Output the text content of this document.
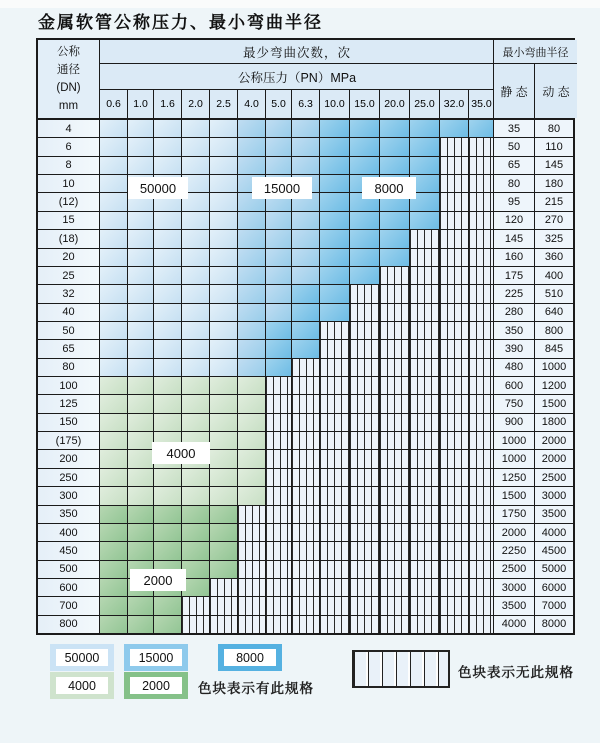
金属软管公称压力、最小弯曲半径
公称
通径
(DN)
mm
最少弯曲次数，次
公称压力（PN）MPa
0.6	1.0	1.6	2.0	2.5	4.0	5.0	6.3	10.0 15.0 20.0 25.0 32.0 35.0
最小弯曲半径
静 态	动 态
4	35	80
6	50	110
8	65	145
10	80	180
(12)	95	215
15	120	270
(18)	145	325
20	160	360
25	175	400
32	225	510
40	280	640
50	350	800
65	390	845
80	480	1000
100	600	1200
125	750	1500
150	900	1800
(175)	1000	2000
200	1000	2000
250	1250	2500
300	1500	3000
350	1750	3500
400	2000	4000
450	2250	4500
500	2500	5000
600	3000	6000
700	3500	7000
800	4000	8000
50000	15000	8000
4000
2000
50000	15000	8000
4000	2000	色块表示有此规格
色块表示无此规格
